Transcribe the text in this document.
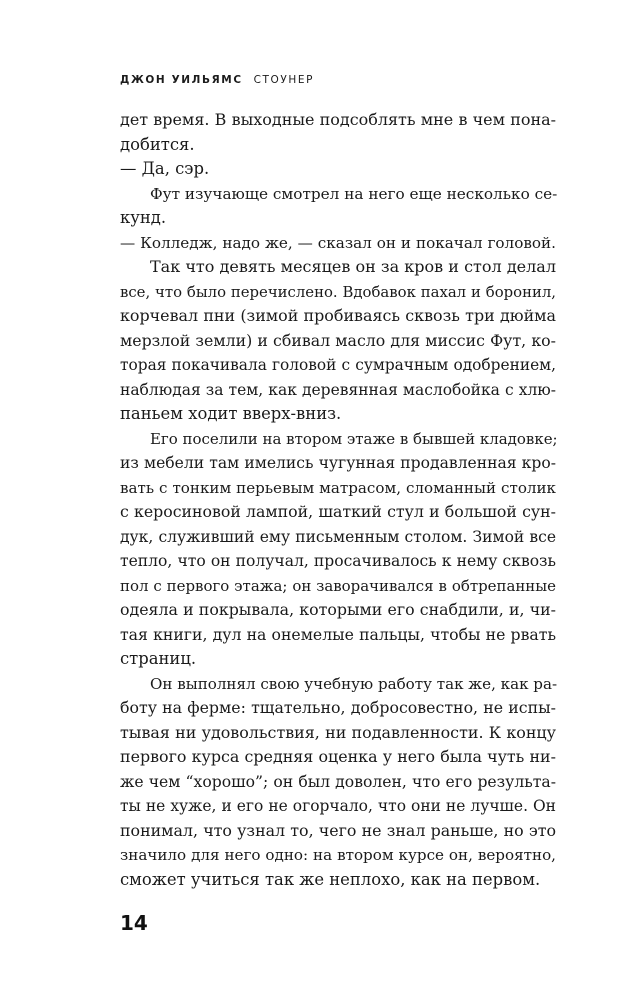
ДЖОН УИЛЬЯМС СТОУНЕР
дет время. В выходные подсоблять мне в чем пона-
добится.
— Да, сэр.
Фут изучающе смотрел на него еще несколько се-
кунд.
— Колледж, надо же, — сказал он и покачал головой.
Так что девять месяцев он за кров и стол делал
все, что было перечислено. Вдобавок пахал и боронил,
корчевал пни (зимой пробиваясь сквозь три дюйма
мерзлой земли) и сбивал масло для миссис Фут, ко-
торая покачивала головой с сумрачным одобрением,
наблюдая за тем, как деревянная маслобойка с хлю-
паньем ходит вверх-вниз.
Его поселили на втором этаже в бывшей кладовке;
из мебели там имелись чугунная продавленная кро-
вать с тонким перьевым матрасом, сломанный столик
с керосиновой лампой, шаткий стул и большой сун-
дук, служивший ему письменным столом. Зимой все
тепло, что он получал, просачивалось к нему сквозь
пол с первого этажа; он заворачивался в обтрепанные
одеяла и покрывала, которыми его снабдили, и, чи-
тая книги, дул на онемелые пальцы, чтобы не рвать
страниц.
Он выполнял свою учебную работу так же, как ра-
боту на ферме: тщательно, добросовестно, не испы-
тывая ни удовольствия, ни подавленности. К концу
первого курса средняя оценка у него была чуть ни-
же чем “хорошо”; он был доволен, что его результа-
ты не хуже, и его не огорчало, что они не лучше. Он
понимал, что узнал то, чего не знал раньше, но это
значило для него одно: на втором курсе он, вероятно,
сможет учиться так же неплохо, как на первом.
14
